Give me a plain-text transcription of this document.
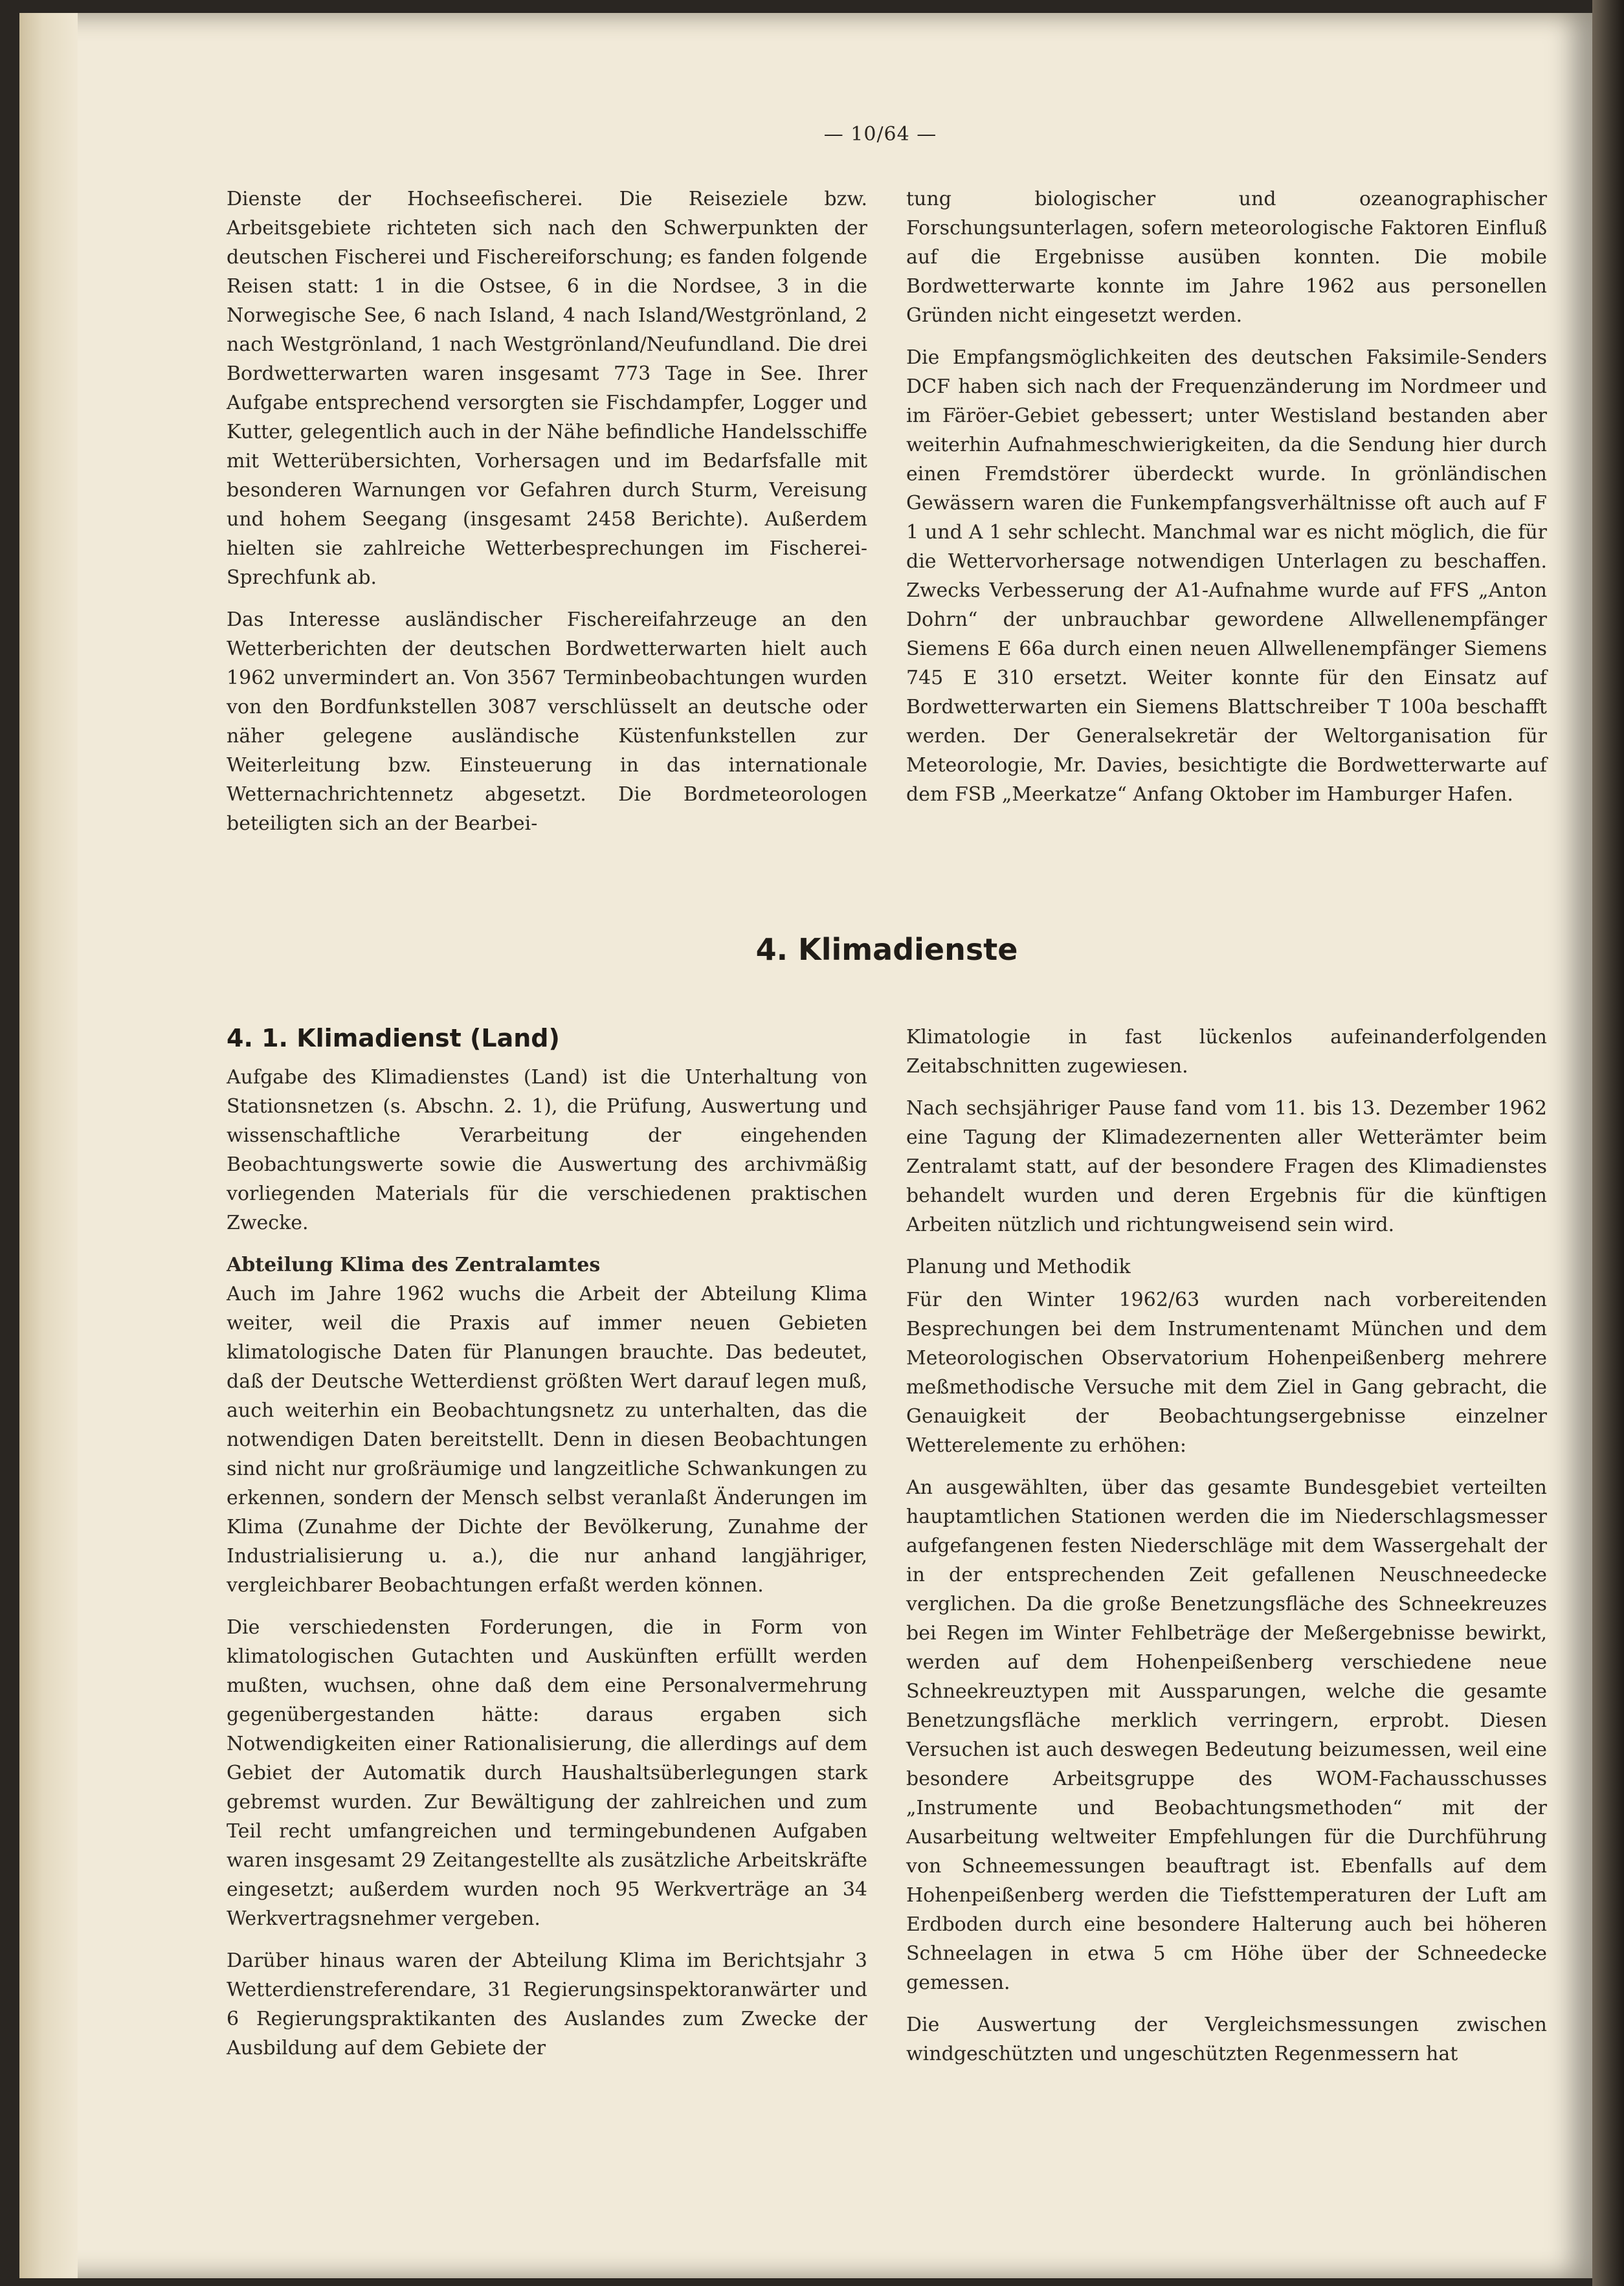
— 10/64 —

Dienste der Hochseefischerei. Die Reiseziele bzw. Arbeitsgebiete richteten sich nach den Schwerpunkten der deutschen Fischerei und Fischereiforschung; es fanden folgende Reisen statt: 1 in die Ostsee, 6 in die Nordsee, 3 in die Norwegische See, 6 nach Island, 4 nach Island/Westgrönland, 2 nach Westgrönland, 1 nach Westgrönland/Neufundland. Die drei Bordwetterwarten waren insgesamt 773 Tage in See. Ihrer Aufgabe entsprechend versorgten sie Fischdampfer, Logger und Kutter, gelegentlich auch in der Nähe befindliche Handelsschiffe mit Wetterübersichten, Vorhersagen und im Bedarfsfalle mit besonderen Warnungen vor Gefahren durch Sturm, Vereisung und hohem Seegang (insgesamt 2458 Berichte). Außerdem hielten sie zahlreiche Wetterbesprechungen im Fischerei-Sprechfunk ab.

Das Interesse ausländischer Fischereifahrzeuge an den Wetterberichten der deutschen Bordwetterwarten hielt auch 1962 unvermindert an. Von 3567 Terminbeobachtungen wurden von den Bordfunkstellen 3087 verschlüsselt an deutsche oder näher gelegene ausländische Küstenfunkstellen zur Weiterleitung bzw. Einsteuerung in das internationale Wetternachrichtennetz abgesetzt. Die Bordmeteorologen beteiligten sich an der Bearbei-

tung biologischer und ozeanographischer Forschungsunterlagen, sofern meteorologische Faktoren Einfluß auf die Ergebnisse ausüben konnten. Die mobile Bordwetterwarte konnte im Jahre 1962 aus personellen Gründen nicht eingesetzt werden.

Die Empfangsmöglichkeiten des deutschen Faksimile-Senders DCF haben sich nach der Frequenzänderung im Nordmeer und im Färöer-Gebiet gebessert; unter Westisland bestanden aber weiterhin Aufnahmeschwierigkeiten, da die Sendung hier durch einen Fremdstörer überdeckt wurde. In grönländischen Gewässern waren die Funkempfangsverhältnisse oft auch auf F 1 und A 1 sehr schlecht. Manchmal war es nicht möglich, die für die Wettervorhersage notwendigen Unterlagen zu beschaffen. Zwecks Verbesserung der A1-Aufnahme wurde auf FFS „Anton Dohrn“ der unbrauchbar gewordene Allwellenempfänger Siemens E 66a durch einen neuen Allwellenempfänger Siemens 745 E 310 ersetzt. Weiter konnte für den Einsatz auf Bordwetterwarten ein Siemens Blattschreiber T 100a beschafft werden. Der Generalsekretär der Weltorganisation für Meteorologie, Mr. Davies, besichtigte die Bordwetterwarte auf dem FSB „Meerkatze“ Anfang Oktober im Hamburger Hafen.

4. Klimadienste
4. 1. Klimadienst (Land)

Aufgabe des Klimadienstes (Land) ist die Unterhaltung von Stationsnetzen (s. Abschn. 2. 1), die Prüfung, Auswertung und wissenschaftliche Verarbeitung der eingehenden Beobachtungswerte sowie die Auswertung des archivmäßig vorliegenden Materials für die verschiedenen praktischen Zwecke.

Abteilung Klima des Zentralamtes

Auch im Jahre 1962 wuchs die Arbeit der Abteilung Klima weiter, weil die Praxis auf immer neuen Gebieten klimatologische Daten für Planungen brauchte. Das bedeutet, daß der Deutsche Wetterdienst größten Wert darauf legen muß, auch weiterhin ein Beobachtungsnetz zu unterhalten, das die notwendigen Daten bereitstellt. Denn in diesen Beobachtungen sind nicht nur großräumige und langzeitliche Schwankungen zu erkennen, sondern der Mensch selbst veranlaßt Änderungen im Klima (Zunahme der Dichte der Bevölkerung, Zunahme der Industrialisierung u. a.), die nur anhand langjähriger, vergleichbarer Beobachtungen erfaßt werden können.

Die verschiedensten Forderungen, die in Form von klimatologischen Gutachten und Auskünften erfüllt werden mußten, wuchsen, ohne daß dem eine Personalvermehrung gegenübergestanden hätte: daraus ergaben sich Notwendigkeiten einer Rationalisierung, die allerdings auf dem Gebiet der Automatik durch Haushaltsüberlegungen stark gebremst wurden. Zur Bewältigung der zahlreichen und zum Teil recht umfangreichen und termingebundenen Aufgaben waren insgesamt 29 Zeitangestellte als zusätzliche Arbeitskräfte eingesetzt; außerdem wurden noch 95 Werkverträge an 34 Werkvertragsnehmer vergeben.

Darüber hinaus waren der Abteilung Klima im Berichtsjahr 3 Wetterdienstreferendare, 31 Regierungsinspektoranwärter und 6 Regierungspraktikanten des Auslandes zum Zwecke der Ausbildung auf dem Gebiete der

Klimatologie in fast lückenlos aufeinanderfolgenden Zeitabschnitten zugewiesen.

Nach sechsjähriger Pause fand vom 11. bis 13. Dezember 1962 eine Tagung der Klimadezernenten aller Wetterämter beim Zentralamt statt, auf der besondere Fragen des Klimadienstes behandelt wurden und deren Ergebnis für die künftigen Arbeiten nützlich und richtungweisend sein wird.

Planung und Methodik

Für den Winter 1962/63 wurden nach vorbereitenden Besprechungen bei dem Instrumentenamt München und dem Meteorologischen Observatorium Hohenpeißenberg mehrere meßmethodische Versuche mit dem Ziel in Gang gebracht, die Genauigkeit der Beobachtungsergebnisse einzelner Wetterelemente zu erhöhen:

An ausgewählten, über das gesamte Bundesgebiet verteilten hauptamtlichen Stationen werden die im Niederschlagsmesser aufgefangenen festen Niederschläge mit dem Wassergehalt der in der entsprechenden Zeit gefallenen Neuschneedecke verglichen. Da die große Benetzungsfläche des Schneekreuzes bei Regen im Winter Fehlbeträge der Meßergebnisse bewirkt, werden auf dem Hohenpeißenberg verschiedene neue Schneekreuztypen mit Aussparungen, welche die gesamte Benetzungsfläche merklich verringern, erprobt. Diesen Versuchen ist auch deswegen Bedeutung beizumessen, weil eine besondere Arbeitsgruppe des WOM-Fachausschusses „Instrumente und Beobachtungsmethoden“ mit der Ausarbeitung weltweiter Empfehlungen für die Durchführung von Schneemessungen beauftragt ist. Ebenfalls auf dem Hohenpeißenberg werden die Tiefsttemperaturen der Luft am Erdboden durch eine besondere Halterung auch bei höheren Schneelagen in etwa 5 cm Höhe über der Schneedecke gemessen.

Die Auswertung der Vergleichsmessungen zwischen windgeschützten und ungeschützten Regenmessern hat
